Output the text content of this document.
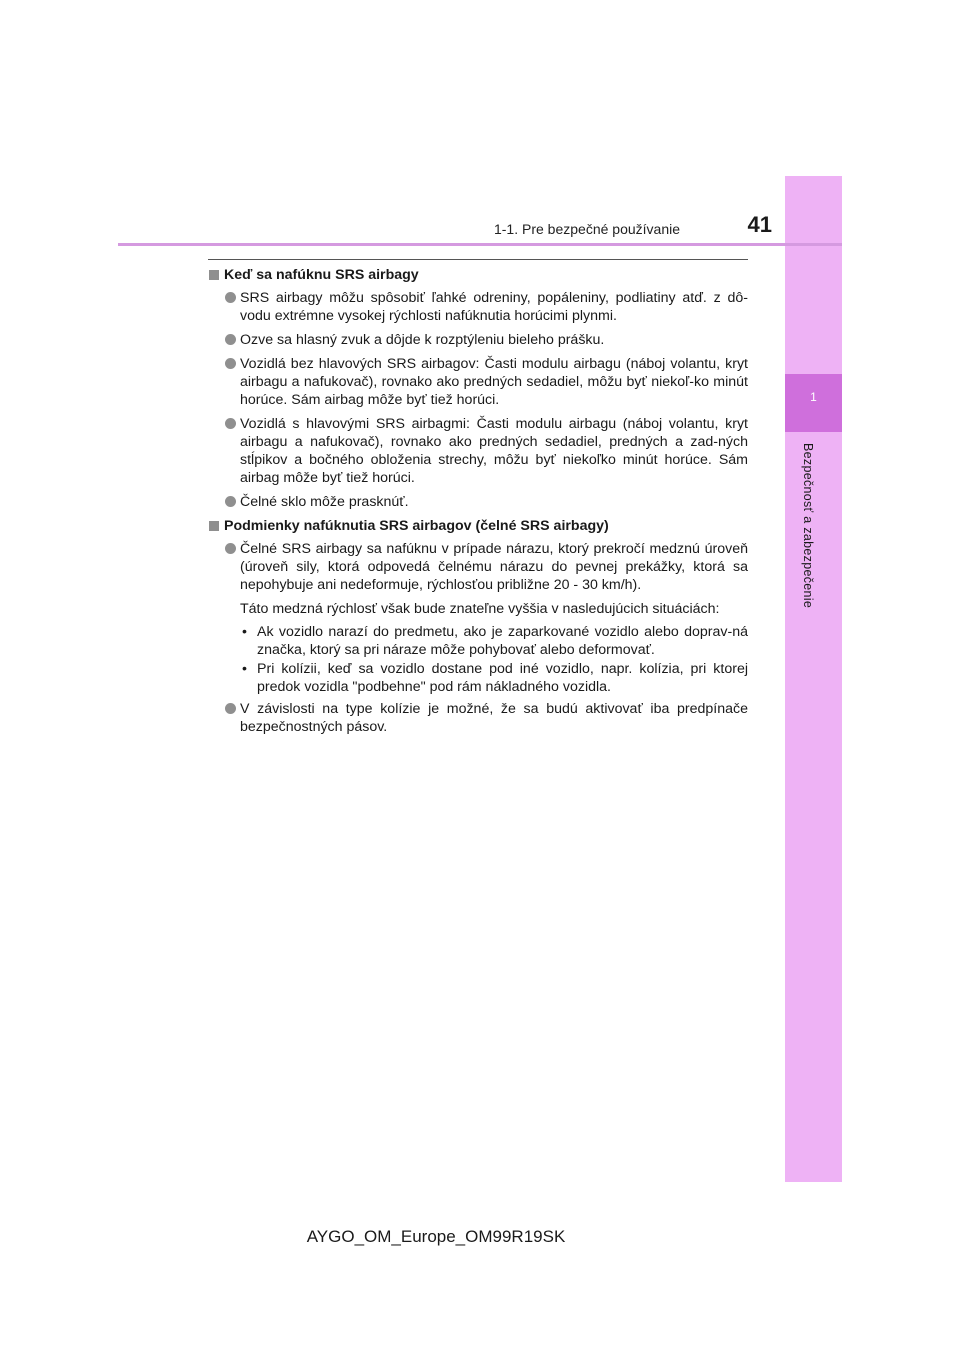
1
Bezpečnosť a zabezpečenie
1-1. Pre bezpečné používanie	41
Keď sa nafúknu SRS airbagy
SRS airbagy môžu spôsobiť ľahké odreniny, popáleniny, podliatiny atď. z dô-vodu extrémne vysokej rýchlosti nafúknutia horúcimi plynmi.
Ozve sa hlasný zvuk a dôjde k rozptýleniu bieleho prášku.
Vozidlá bez hlavových SRS airbagov: Časti modulu airbagu (náboj volantu, kryt airbagu a nafukovač), rovnako ako predných sedadiel, môžu byť niekoľ-ko minút horúce. Sám airbag môže byť tiež horúci.
Vozidlá s hlavovými SRS airbagmi: Časti modulu airbagu (náboj volantu, kryt airbagu a nafukovač), rovnako ako predných sedadiel, predných a zad-ných stĺpikov a bočného obloženia strechy, môžu byť niekoľko minút horúce. Sám airbag môže byť tiež horúci.
Čelné sklo môže prasknúť.
Podmienky nafúknutia SRS airbagov (čelné SRS airbagy)
Čelné SRS airbagy sa nafúknu v prípade nárazu, ktorý prekročí medznú úroveň (úroveň sily, ktorá odpovedá čelnému nárazu do pevnej prekážky, ktorá sa nepohybuje ani nedeformuje, rýchlosťou približne 20 - 30 km/h).
Táto medzná rýchlosť však bude znateľne vyššia v nasledujúcich situáciách:
• Ak vozidlo narazí do predmetu, ako je zaparkované vozidlo alebo doprav-ná značka, ktorý sa pri náraze môže pohybovať alebo deformovať.
• Pri kolízii, keď sa vozidlo dostane pod iné vozidlo, napr. kolízia, pri ktorej predok vozidla "podbehne" pod rám nákladného vozidla.
V závislosti na type kolízie je možné, že sa budú aktivovať iba predpínače bezpečnostných pásov.
AYGO_OM_Europe_OM99R19SK
